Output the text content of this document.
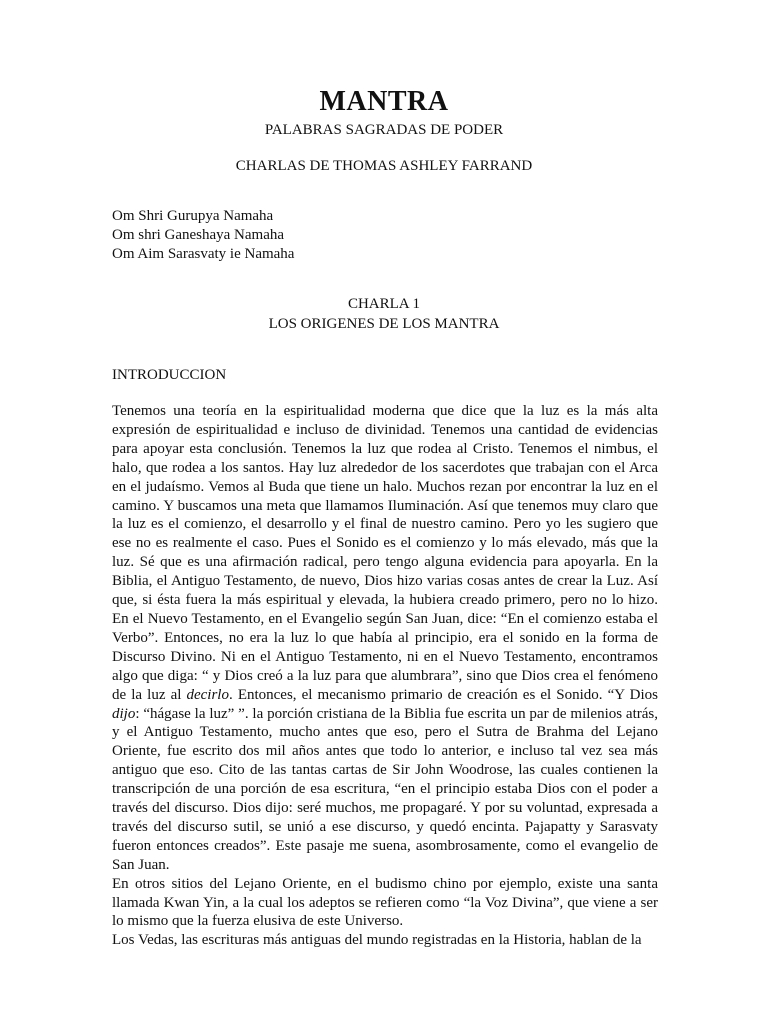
MANTRA
PALABRAS SAGRADAS DE PODER
CHARLAS DE THOMAS ASHLEY FARRAND
Om Shri Gurupya Namaha
Om shri Ganeshaya Namaha
Om Aim Sarasvaty ie Namaha
CHARLA 1
LOS ORIGENES DE LOS MANTRA
INTRODUCCION

Tenemos una teoría en la espiritualidad moderna que dice que la luz es la más alta expresión de espiritualidad e incluso de divinidad. Tenemos una cantidad de evidencias para apoyar esta conclusión. Tenemos la luz que rodea al Cristo. Tenemos el nimbus, el halo, que rodea a los santos. Hay luz alrededor de los sacerdotes que trabajan con el Arca en el judaísmo. Vemos al Buda que tiene un halo. Muchos rezan por encontrar la luz en el camino. Y buscamos una meta que llamamos Iluminación. Así que tenemos muy claro que la luz es el comienzo, el desarrollo y el final de nuestro camino. Pero yo les sugiero que ese no es realmente el caso. Pues el Sonido es el comienzo y lo más elevado, más que la luz. Sé que es una afirmación radical, pero tengo alguna evidencia para apoyarla. En la Biblia, el Antiguo Testamento, de nuevo, Dios hizo varias cosas antes de crear la Luz. Así que, si ésta fuera la más espiritual y elevada, la hubiera creado primero, pero no lo hizo. En el Nuevo Testamento, en el Evangelio según San Juan, dice: “En el comienzo estaba el Verbo”. Entonces, no era la luz lo que había al principio, era el sonido en la forma de Discurso Divino. Ni en el Antiguo Testamento, ni en el Nuevo Testamento, encontramos algo que diga: “ y Dios creó a la luz para que alumbrara”, sino que Dios crea el fenómeno de la luz al decirlo. Entonces, el mecanismo primario de creación es el Sonido. “Y Dios dijo: “hágase la luz” ”. la porción cristiana de la Biblia fue escrita un par de milenios atrás, y el Antiguo Testamento, mucho antes que eso, pero el Sutra de Brahma del Lejano Oriente, fue escrito dos mil años antes que todo lo anterior, e incluso tal vez sea más antiguo que eso. Cito de las tantas cartas de Sir John Woodrose, las cuales contienen la transcripción de una porción de esa escritura, “en el principio estaba Dios con el poder a través del discurso. Dios dijo: seré muchos, me propagaré. Y por su voluntad, expresada a través del discurso sutil, se unió a ese discurso, y quedó encinta. Pajapatty y Sarasvaty fueron entonces creados”. Este pasaje me suena, asombrosamente, como el evangelio de San Juan.

En otros sitios del Lejano Oriente, en el budismo chino por ejemplo, existe una santa llamada Kwan Yin, a la cual los adeptos se refieren como “la Voz Divina”, que viene a ser lo mismo que la fuerza elusiva de este Universo.

Los Vedas, las escrituras más antiguas del mundo registradas en la Historia, hablan de la
